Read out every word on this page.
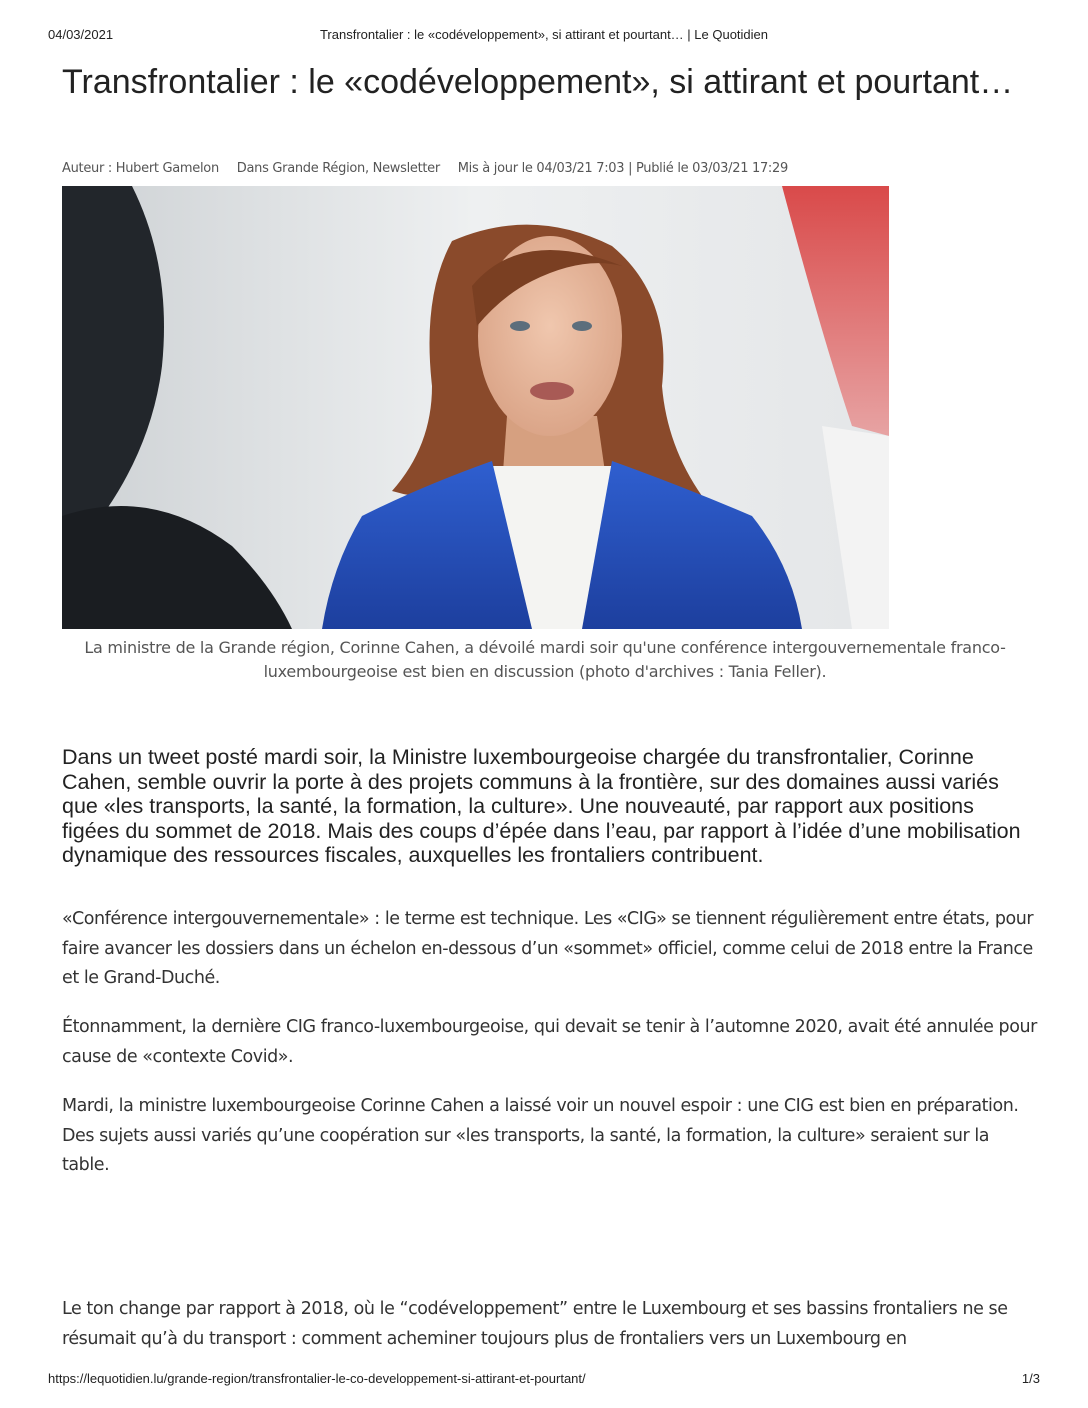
04/03/2021	Transfrontalier : le «codéveloppement», si attirant et pourtant… | Le Quotidien
Transfrontalier : le «codéveloppement», si attirant et pourtant…
Auteur : Hubert Gamelon Dans Grande Région, Newsletter Mis à jour le 04/03/21 7:03 | Publié le 03/03/21 17:29
La ministre de la Grande région, Corinne Cahen, a dévoilé mardi soir qu'une conférence intergouvernementale franco-luxembourgeoise est bien en discussion (photo d'archives : Tania Feller).

Dans un tweet posté mardi soir, la Ministre luxembourgeoise chargée du transfrontalier, Corinne Cahen, semble ouvrir la porte à des projets communs à la frontière, sur des domaines aussi variés que «les transports, la santé, la formation, la culture». Une nouveauté, par rapport aux positions figées du sommet de 2018. Mais des coups d’épée dans l’eau, par rapport à l’idée d’une mobilisation dynamique des ressources fiscales, auxquelles les frontaliers contribuent.

«Conférence intergouvernementale» : le terme est technique. Les «CIG» se tiennent régulièrement entre états, pour faire avancer les dossiers dans un échelon en-dessous d’un «sommet» officiel, comme celui de 2018 entre la France et le Grand-Duché.

Étonnamment, la dernière CIG franco-luxembourgeoise, qui devait se tenir à l’automne 2020, avait été annulée pour cause de «contexte Covid».

Mardi, la ministre luxembourgeoise Corinne Cahen a laissé voir un nouvel espoir : une CIG est bien en préparation. Des sujets aussi variés qu’une coopération sur «les transports, la santé, la formation, la culture» seraient sur la table.

Le ton change par rapport à 2018, où le “codéveloppement” entre le Luxembourg et ses bassins frontaliers ne se résumait qu’à du transport : comment acheminer toujours plus de frontaliers vers un Luxembourg en

https://lequotidien.lu/grande-region/transfrontalier-le-co-developpement-si-attirant-et-pourtant/	1/3
